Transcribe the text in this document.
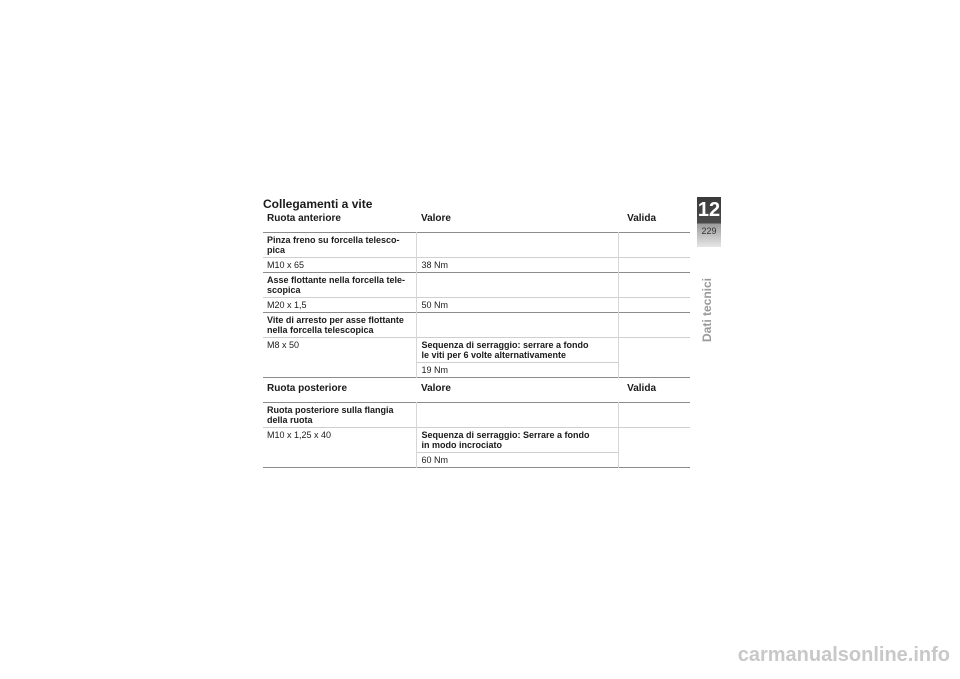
Collegamenti a vite
Ruota anteriore	Valore	Valida
Pinza freno su forcella telesco-
pica		
M10 x 65	38 Nm	
Asse flottante nella forcella tele-
scopica		
M20 x 1,5	50 Nm	
Vite di arresto per asse flottante
nella forcella telescopica		
M8 x 50	Sequenza di serraggio: serrare a fondo
le viti per 6 volte alternativamente	
	19 Nm	
Ruota posteriore	Valore	Valida
Ruota posteriore sulla flangia
della ruota		
M10 x 1,25 x 40	Sequenza di serraggio: Serrare a fondo
in modo incrociato	
	60 Nm	
12
229
Dati tecnici
carmanualsonline.info
